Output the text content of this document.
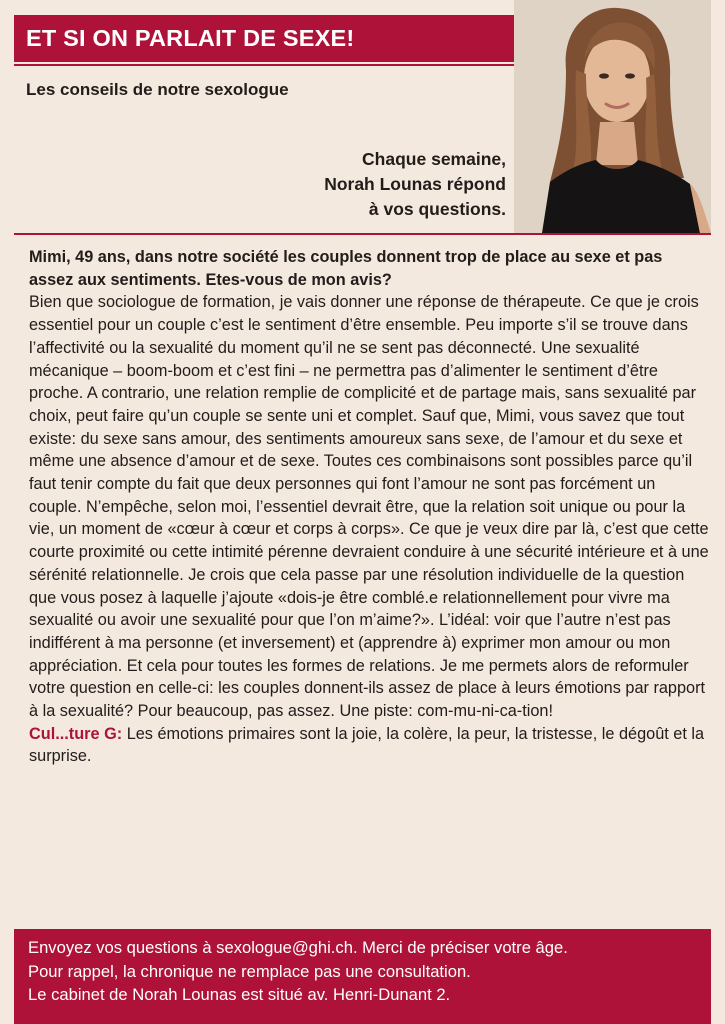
ET SI ON PARLAIT DE SEXE!
Les conseils de notre sexologue
Chaque semaine,
Norah Lounas répond
à vos questions.

Mimi, 49 ans, dans notre société les couples donnent trop de place au sexe et pas assez aux sentiments. Etes-vous de mon avis?

Bien que sociologue de formation, je vais donner une réponse de thérapeute. Ce que je crois essentiel pour un couple c’est le sentiment d’être ensemble. Peu importe s’il se trouve dans l’affectivité ou la sexualité du moment qu’il ne se sent pas déconnecté. Une sexualité mécanique – boom-boom et c’est fini – ne permettra pas d’alimenter le sentiment d’être proche. A contrario, une relation remplie de complicité et de partage mais, sans sexualité par choix, peut faire qu’un couple se sente uni et complet. Sauf que, Mimi, vous savez que tout existe: du sexe sans amour, des sentiments amoureux sans sexe, de l’amour et du sexe et même une absence d’amour et de sexe. Toutes ces combinaisons sont possibles parce qu’il faut tenir compte du fait que deux personnes qui font l’amour ne sont pas forcément un couple. N’empêche, selon moi, l’essentiel devrait être, que la relation soit unique ou pour la vie, un moment de «cœur à cœur et corps à corps». Ce que je veux dire par là, c’est que cette courte proximité ou cette intimité pérenne devraient conduire à une sécurité intérieure et à une sérénité relationnelle. Je crois que cela passe par une résolution individuelle de la question que vous posez à laquelle j’ajoute «dois-je être comblé.e relationnellement pour vivre ma sexualité ou avoir une sexualité pour que l’on m’aime?». L’idéal: voir que l’autre n’est pas indifférent à ma personne (et inversement) et (apprendre à) exprimer mon amour ou mon appréciation. Et cela pour toutes les formes de relations. Je me permets alors de reformuler votre question en celle-ci: les couples donnent-ils assez de place à leurs émotions par rapport à la sexualité? Pour beaucoup, pas assez. Une piste: com-mu-ni-ca-tion!

Cul...ture G: Les émotions primaires sont la joie, la colère, la peur, la tristesse, le dégoût et la surprise.

Envoyez vos questions à sexologue@ghi.ch. Merci de préciser votre âge.
Pour rappel, la chronique ne remplace pas une consultation.
Le cabinet de Norah Lounas est situé av. Henri-Dunant 2.
